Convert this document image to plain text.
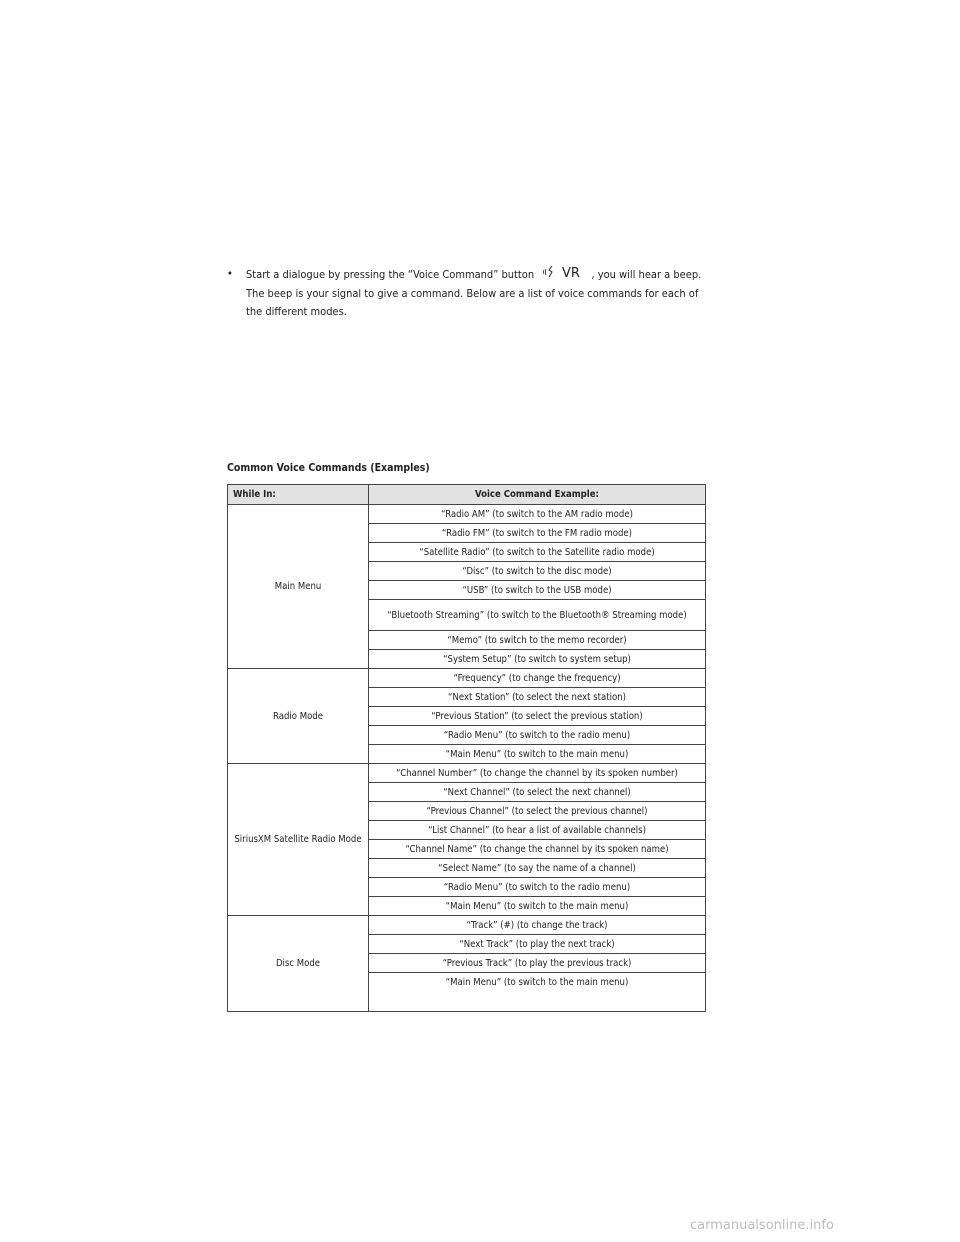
•	Start a dialogue by pressing the “Voice Command” button VR , you will hear a beep. The beep is your signal to give a command. Below are a list of voice commands for each of the different modes.
Common Voice Commands (Examples)
While In:	Voice Command Example:
Main Menu	“Radio AM” (to switch to the AM radio mode)
	“Radio FM” (to switch to the FM radio mode)
	“Satellite Radio” (to switch to the Satellite radio mode)
	“Disc” (to switch to the disc mode)
	“USB” (to switch to the USB mode)
	“Bluetooth Streaming” (to switch to the Bluetooth® Streaming mode)
	“Memo” (to switch to the memo recorder)
	“System Setup” (to switch to system setup)
Radio Mode	“Frequency” (to change the frequency)
	“Next Station” (to select the next station)
	“Previous Station” (to select the previous station)
	“Radio Menu” (to switch to the radio menu)
	“Main Menu” (to switch to the main menu)
SiriusXM Satellite Radio Mode	“Channel Number” (to change the channel by its spoken number)
	“Next Channel” (to select the next channel)
	“Previous Channel” (to select the previous channel)
	“List Channel” (to hear a list of available channels)
	“Channel Name” (to change the channel by its spoken name)
	“Select Name” (to say the name of a channel)
	“Radio Menu” (to switch to the radio menu)
	“Main Menu” (to switch to the main menu)
Disc Mode	“Track” (#) (to change the track)
	“Next Track” (to play the next track)
	“Previous Track” (to play the previous track)
	“Main Menu” (to switch to the main menu)

carmanualsonline.info
